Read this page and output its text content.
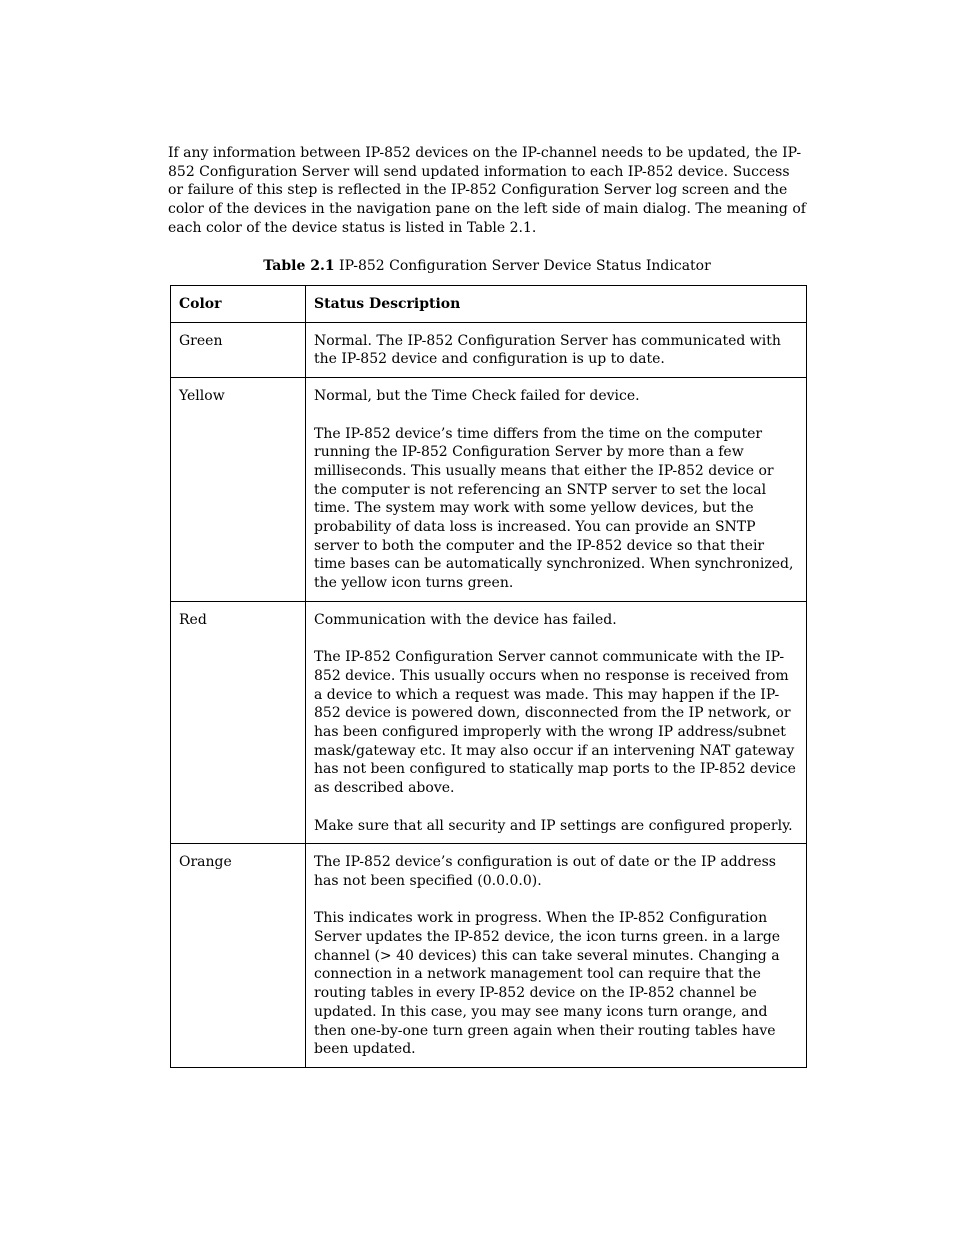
If any information between IP-852 devices on the IP-channel needs to be updated, the IP-852 Configuration Server will send updated information to each IP-852 device. Success or failure of this step is reflected in the IP-852 Configuration Server log screen and the color of the devices in the navigation pane on the left side of main dialog. The meaning of each color of the device status is listed in Table 2.1.

Table 2.1 IP-852 Configuration Server Device Status Indicator

Color	Status Description
Green	Normal. The IP-852 Configuration Server has communicated with the IP-852 device and configuration is up to date.

Yellow	Normal, but the Time Check failed for device.

The IP-852 device’s time differs from the time on the computer running the IP-852 Configuration Server by more than a few milliseconds. This usually means that either the IP-852 device or the computer is not referencing an SNTP server to set the local time. The system may work with some yellow devices, but the probability of data loss is increased. You can provide an SNTP server to both the computer and the IP-852 device so that their time bases can be automatically synchronized. When synchronized, the yellow icon turns green.

Red	Communication with the device has failed.

The IP-852 Configuration Server cannot communicate with the IP-852 device. This usually occurs when no response is received from a device to which a request was made. This may happen if the IP-852 device is powered down, disconnected from the IP network, or has been configured improperly with the wrong IP address/subnet mask/gateway etc. It may also occur if an intervening NAT gateway has not been configured to statically map ports to the IP-852 device as described above.

Make sure that all security and IP settings are configured properly.

Orange	The IP-852 device’s configuration is out of date or the IP address has not been specified (0.0.0.0).

This indicates work in progress. When the IP-852 Configuration Server updates the IP-852 device, the icon turns green. in a large channel (> 40 devices) this can take several minutes. Changing a connection in a network management tool can require that the routing tables in every IP-852 device on the IP-852 channel be updated. In this case, you may see many icons turn orange, and then one-by-one turn green again when their routing tables have been updated.
